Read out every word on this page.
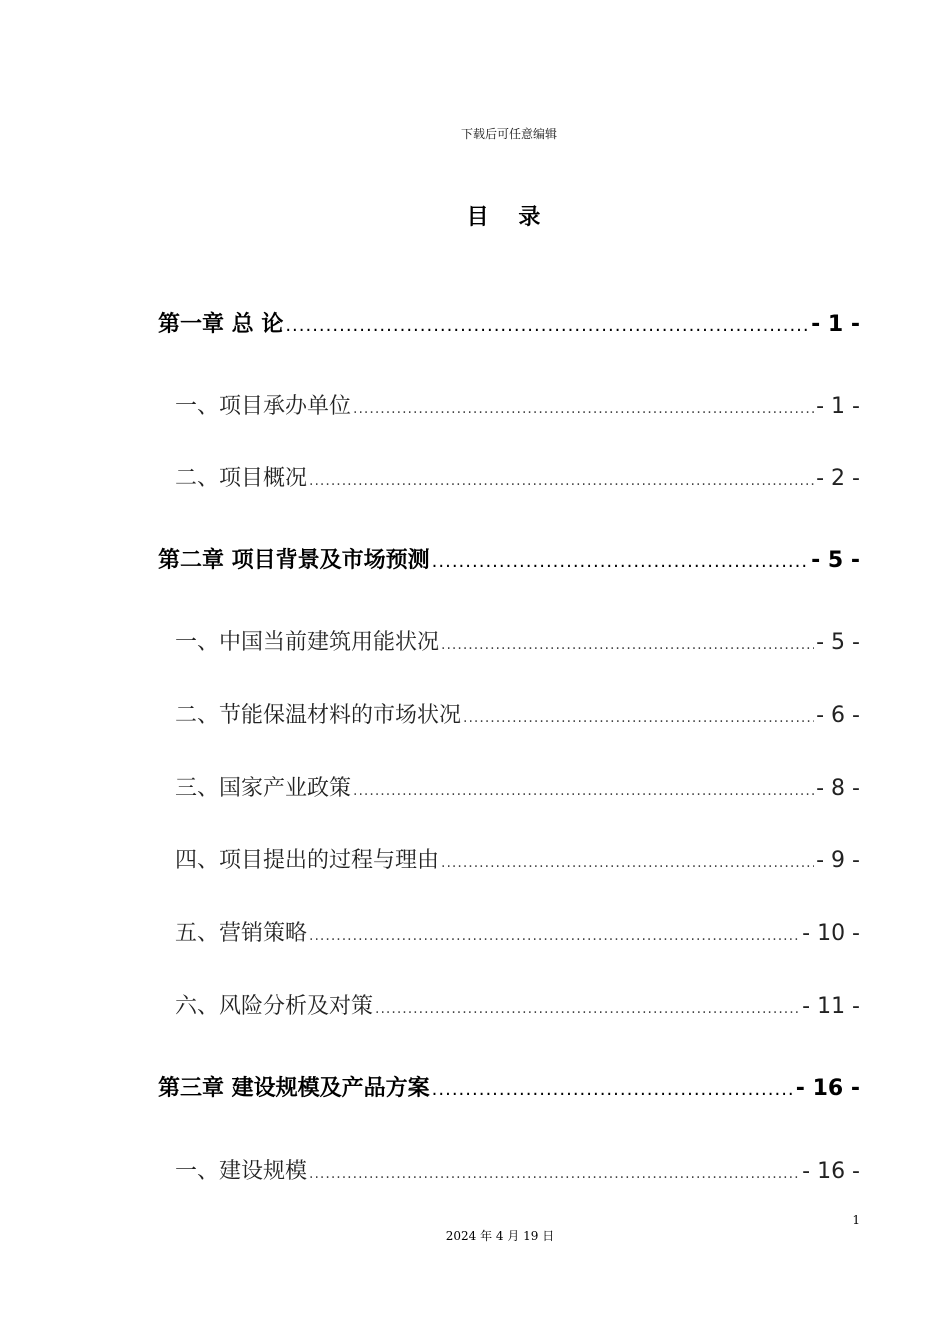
下载后可任意编辑
目 录
第一章 总 论 .....	- 1 -
一、项目承办单位 .....	- 1 -
二、项目概况 .....	- 2 -
第二章 项目背景及市场预测 .....	- 5 -
一、中国当前建筑用能状况 .....	- 5 -
二、节能保温材料的市场状况 .....	- 6 -
三、国家产业政策 .....	- 8 -
四、项目提出的过程与理由 .....	- 9 -
五、营销策略 .....	- 10 -
六、风险分析及对策 .....	- 11 -
第三章 建设规模及产品方案 .....	- 16 -
一、建设规模 .....	- 16 -
1
2024 年 4 月 19 日
